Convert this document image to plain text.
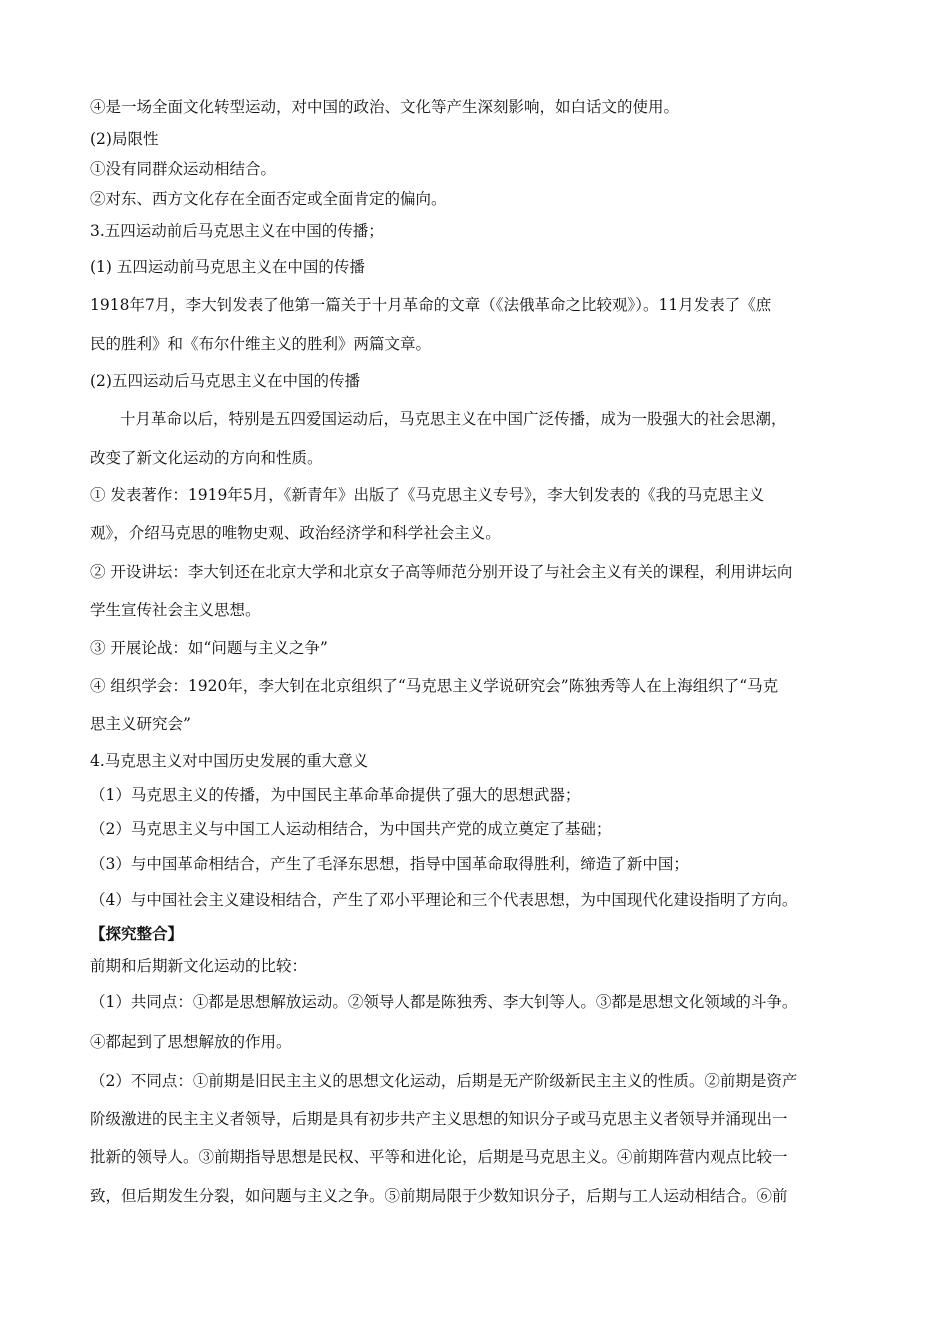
④是一场全面文化转型运动，对中国的政治、文化等产生深刻影响，如白话文的使用。
(2)局限性
①没有同群众运动相结合。
②对东、西方文化存在全面否定或全面肯定的偏向。
3.五四运动前后马克思主义在中国的传播；
(1) 五四运动前马克思主义在中国的传播
1918年7月，李大钊发表了他第一篇关于十月革命的文章（《法俄革命之比较观》）。11月发表了《庶
民的胜利》和《布尔什维主义的胜利》两篇文章。
(2)五四运动后马克思主义在中国的传播
十月革命以后，特别是五四爱国运动后，马克思主义在中国广泛传播，成为一股强大的社会思潮，
改变了新文化运动的方向和性质。
① 发表著作：1919年5月，《新青年》出版了《马克思主义专号》，李大钊发表的《我的马克思主义
观》，介绍马克思的唯物史观、政治经济学和科学社会主义。
② 开设讲坛：李大钊还在北京大学和北京女子高等师范分别开设了与社会主义有关的课程，利用讲坛向
学生宣传社会主义思想。
③ 开展论战：如“问题与主义之争”
④ 组织学会：1920年，李大钊在北京组织了“马克思主义学说研究会”陈独秀等人在上海组织了“马克
思主义研究会”
4.马克思主义对中国历史发展的重大意义
（1）马克思主义的传播，为中国民主革命革命提供了强大的思想武器；
（2）马克思主义与中国工人运动相结合，为中国共产党的成立奠定了基础；
（3）与中国革命相结合，产生了毛泽东思想，指导中国革命取得胜利，缔造了新中国；
（4）与中国社会主义建设相结合，产生了邓小平理论和三个代表思想，为中国现代化建设指明了方向。
【探究整合】
前期和后期新文化运动的比较：
（1）共同点：①都是思想解放运动。②领导人都是陈独秀、李大钊等人。③都是思想文化领域的斗争。
④都起到了思想解放的作用。
（2）不同点：①前期是旧民主主义的思想文化运动，后期是无产阶级新民主主义的性质。②前期是资产
阶级激进的民主主义者领导，后期是具有初步共产主义思想的知识分子或马克思主义者领导并涌现出一
批新的领导人。③前期指导思想是民权、平等和进化论，后期是马克思主义。④前期阵营内观点比较一
致，但后期发生分裂，如问题与主义之争。⑤前期局限于少数知识分子，后期与工人运动相结合。⑥前
